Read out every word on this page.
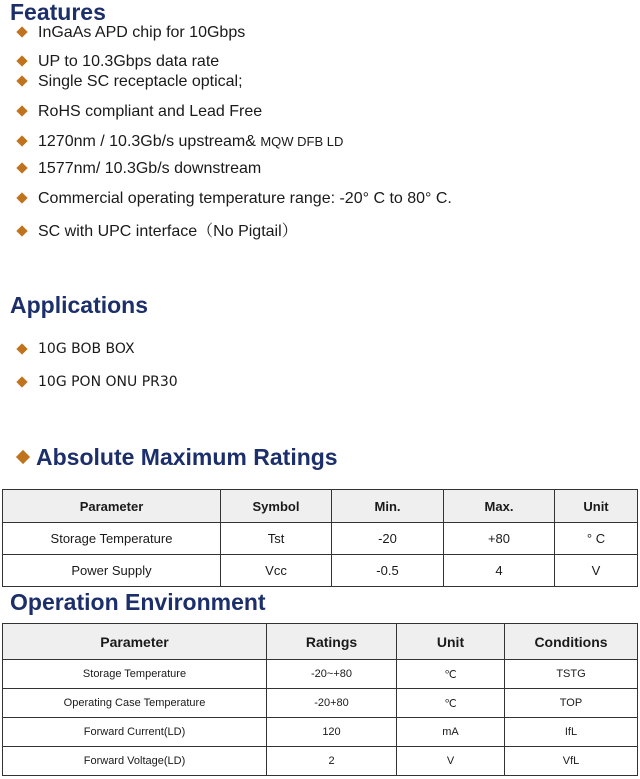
Features
InGaAs APD chip for 10Gbps
UP to 10.3Gbps data rate
Single SC receptacle optical;
RoHS compliant and Lead Free
1270nm / 10.3Gb/s upstream& MQW DFB LD
1577nm/ 10.3Gb/s downstream
Commercial operating temperature range: -20° C to 80° C.
SC with UPC interface（No Pigtail）
Applications
10G BOB BOX
10G PON ONU PR30
Absolute Maximum Ratings
Parameter	Symbol	Min.	Max.	Unit
Storage Temperature	Tst	-20	+80	° C
Power Supply	Vcc	-0.5	4	V
Operation Environment
Parameter	Ratings	Unit	Conditions
Storage Temperature	-20~+80	℃	TSTG
Operating Case Temperature	-20+80	℃	TOP
Forward Current(LD)	120	mA	IfL
Forward Voltage(LD)	2	V	VfL
